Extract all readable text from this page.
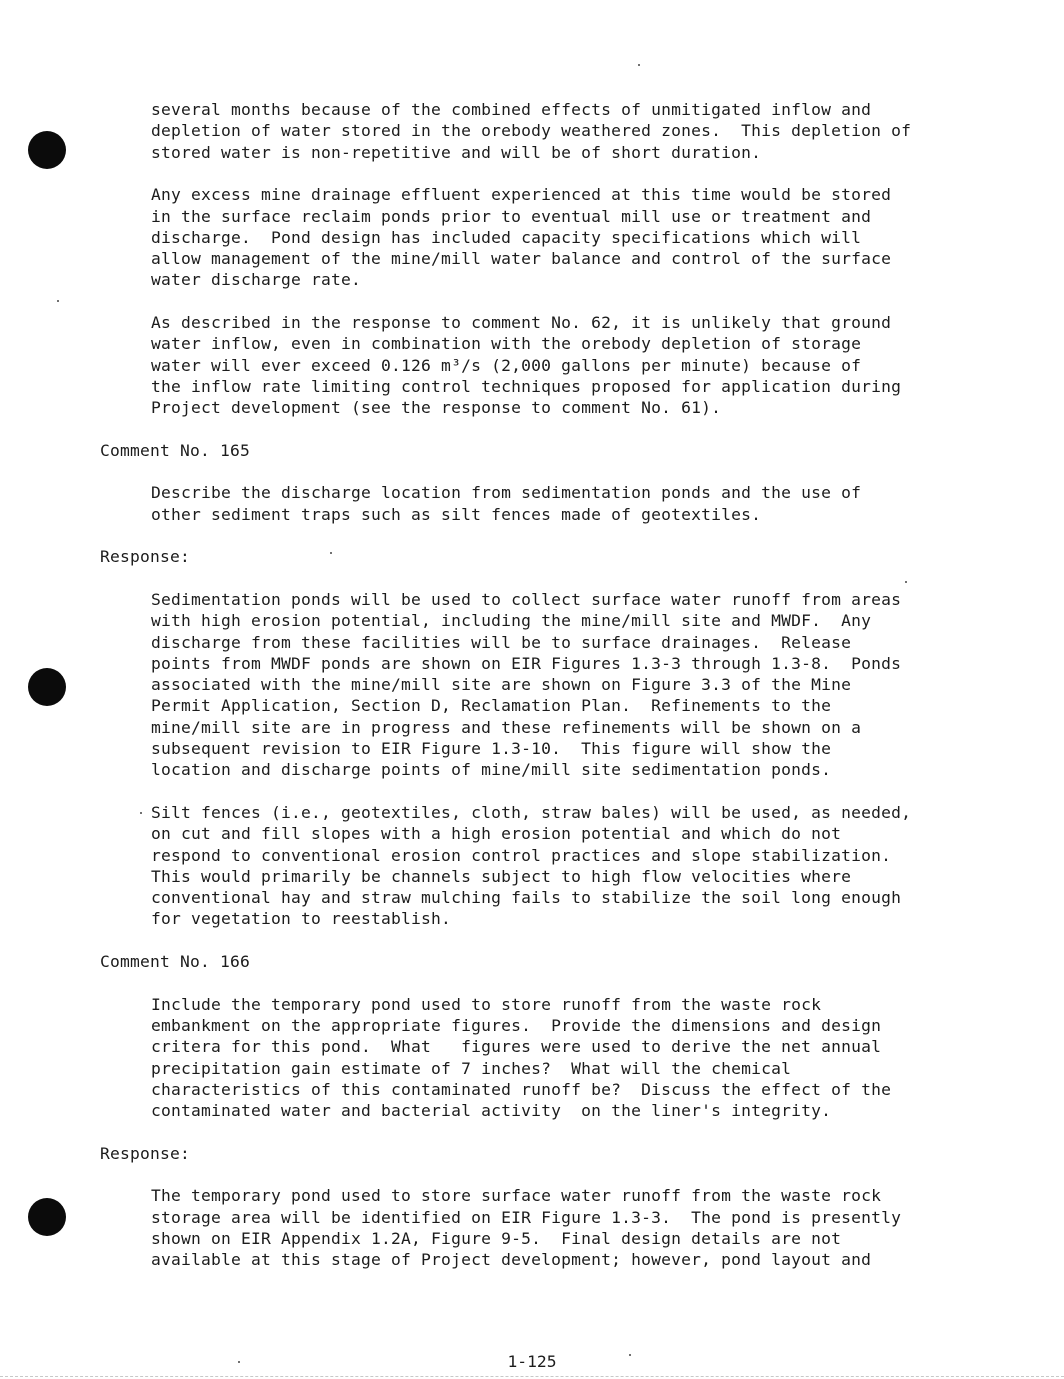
several months because of the combined effects of unmitigated inflow and
depletion of water stored in the orebody weathered zones.  This depletion of
stored water is non-repetitive and will be of short duration.
Any excess mine drainage effluent experienced at this time would be stored
in the surface reclaim ponds prior to eventual mill use or treatment and
discharge.  Pond design has included capacity specifications which will
allow management of the mine/mill water balance and control of the surface
water discharge rate.
As described in the response to comment No. 62, it is unlikely that ground
water inflow, even in combination with the orebody depletion of storage
water will ever exceed 0.126 m³/s (2,000 gallons per minute) because of
the inflow rate limiting control techniques proposed for application during
Project development (see the response to comment No. 61).
Comment No. 165
Describe the discharge location from sedimentation ponds and the use of
other sediment traps such as silt fences made of geotextiles.
Response:
Sedimentation ponds will be used to collect surface water runoff from areas
with high erosion potential, including the mine/mill site and MWDF.  Any
discharge from these facilities will be to surface drainages.  Release
points from MWDF ponds are shown on EIR Figures 1.3-3 through 1.3-8.  Ponds
associated with the mine/mill site are shown on Figure 3.3 of the Mine
Permit Application, Section D, Reclamation Plan.  Refinements to the
mine/mill site are in progress and these refinements will be shown on a
subsequent revision to EIR Figure 1.3-10.  This figure will show the
location and discharge points of mine/mill site sedimentation ponds.
Silt fences (i.e., geotextiles, cloth, straw bales) will be used, as needed,
on cut and fill slopes with a high erosion potential and which do not
respond to conventional erosion control practices and slope stabilization.
This would primarily be channels subject to high flow velocities where
conventional hay and straw mulching fails to stabilize the soil long enough
for vegetation to reestablish.
Comment No. 166
Include the temporary pond used to store runoff from the waste rock
embankment on the appropriate figures.  Provide the dimensions and design
critera for this pond.  What   figures were used to derive the net annual
precipitation gain estimate of 7 inches?  What will the chemical
characteristics of this contaminated runoff be?  Discuss the effect of the
contaminated water and bacterial activity  on the liner's integrity.
Response:
The temporary pond used to store surface water runoff from the waste rock
storage area will be identified on EIR Figure 1.3-3.  The pond is presently
shown on EIR Appendix 1.2A, Figure 9-5.  Final design details are not
available at this stage of Project development; however, pond layout and
1-125
